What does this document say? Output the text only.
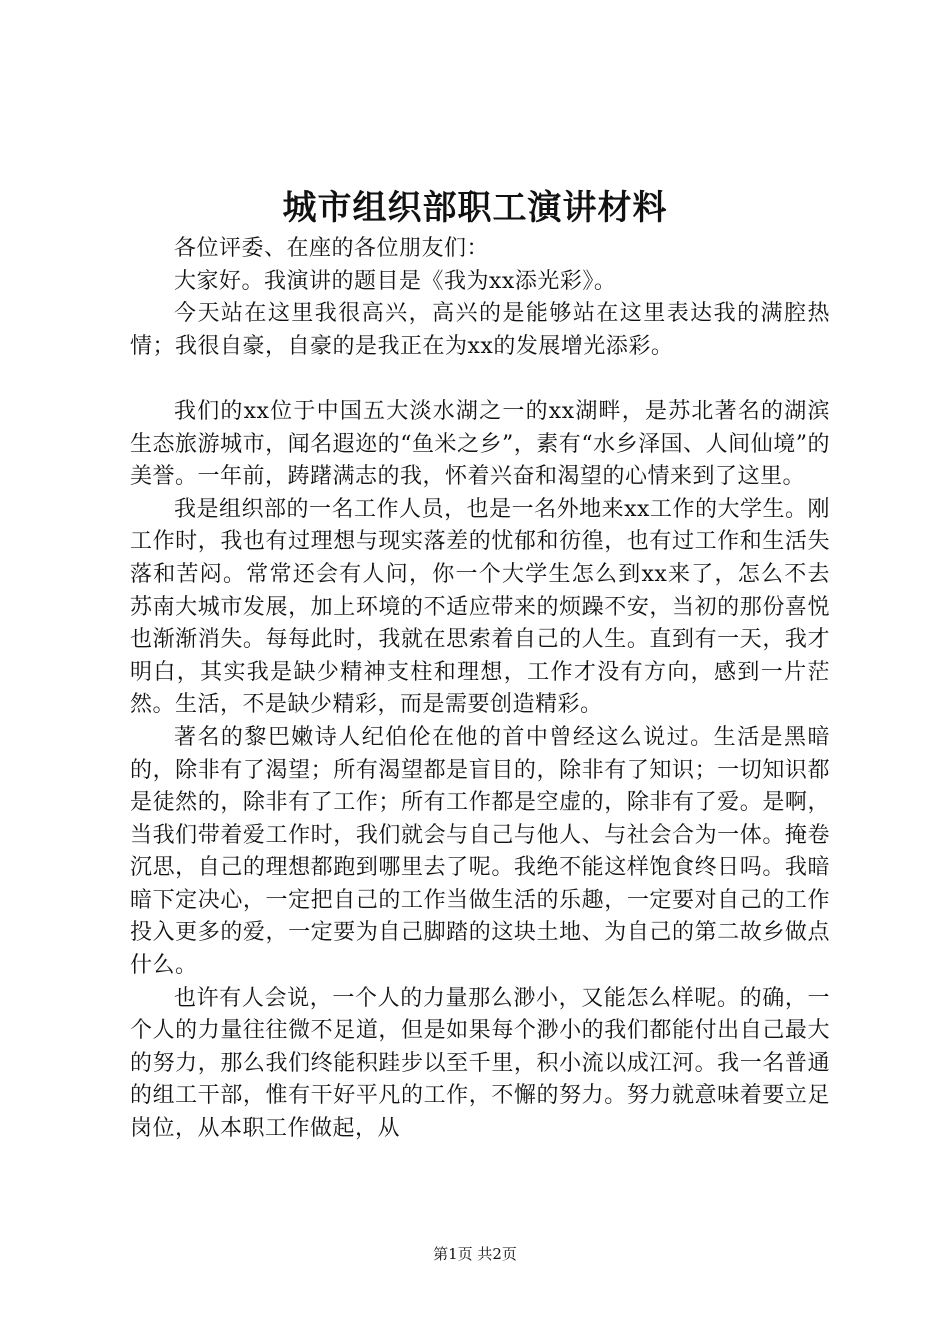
城市组织部职工演讲材料

各位评委、在座的各位朋友们：

大家好。我演讲的题目是《我为xx添光彩》。

今天站在这里我很高兴，高兴的是能够站在这里表达我的满腔热情；我很自豪，自豪的是我正在为xx的发展增光添彩。

我们的xx位于中国五大淡水湖之一的xx湖畔，是苏北著名的湖滨生态旅游城市，闻名遐迩的“鱼米之乡”，素有“水乡泽国、人间仙境”的美誉。一年前，踌躇满志的我，怀着兴奋和渴望的心情来到了这里。

我是组织部的一名工作人员，也是一名外地来xx工作的大学生。刚工作时，我也有过理想与现实落差的忧郁和彷徨，也有过工作和生活失落和苦闷。常常还会有人问，你一个大学生怎么到xx来了，怎么不去苏南大城市发展，加上环境的不适应带来的烦躁不安，当初的那份喜悦也渐渐消失。每每此时，我就在思索着自己的人生。直到有一天，我才明白，其实我是缺少精神支柱和理想，工作才没有方向，感到一片茫然。生活，不是缺少精彩，而是需要创造精彩。

著名的黎巴嫩诗人纪伯伦在他的首中曾经这么说过。生活是黑暗的，除非有了渴望；所有渴望都是盲目的，除非有了知识；一切知识都是徒然的，除非有了工作；所有工作都是空虚的，除非有了爱。是啊，当我们带着爱工作时，我们就会与自己与他人、与社会合为一体。掩卷沉思，自己的理想都跑到哪里去了呢。我绝不能这样饱食终日吗。我暗暗下定决心，一定把自己的工作当做生活的乐趣，一定要对自己的工作投入更多的爱，一定要为自己脚踏的这块土地、为自己的第二故乡做点什么。

也许有人会说，一个人的力量那么渺小，又能怎么样呢。的确，一个人的力量往往微不足道，但是如果每个渺小的我们都能付出自己最大的努力，那么我们终能积跬步以至千里，积小流以成江河。我一名普通的组工干部，惟有干好平凡的工作，不懈的努力。努力就意味着要立足岗位，从本职工作做起，从

第1页 共2页
